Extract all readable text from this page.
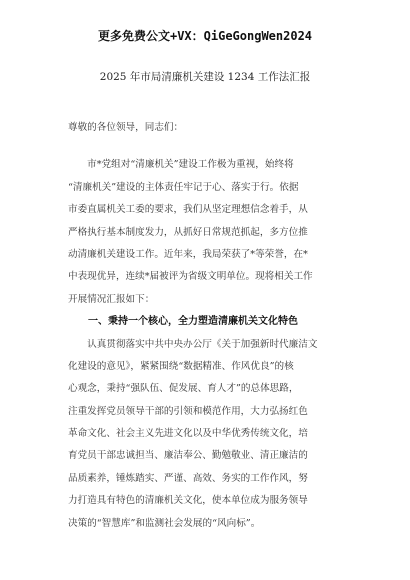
更多免费公文+VX：QiGeGongWen2024
2025 年市局清廉机关建设 1234 工作法汇报
尊敬的各位领导，同志们：
　　市*党组对“清廉机关”建设工作极为重视，始终将
“清廉机关”建设的主体责任牢记于心、落实于行。依据
市委直属机关工委的要求，我们从坚定理想信念着手，从
严格执行基本制度发力，从抓好日常规范抓起，多方位推
动清廉机关建设工作。近年来，我局荣获了*等荣誉，在*
中表现优异，连续*届被评为省级文明单位。现将相关工作
开展情况汇报如下：
　　一、秉持一个核心，全力塑造清廉机关文化特色
　　认真贯彻落实中共中央办公厅《关于加强新时代廉洁文
化建设的意见》，紧紧围绕“数据精准、作风优良”的核
心观念，秉持“强队伍、促发展、育人才”的总体思路，
注重发挥党员领导干部的引领和模范作用，大力弘扬红色
革命文化、社会主义先进文化以及中华优秀传统文化，培
育党员干部忠诚担当、廉洁奉公、勤勉敬业、清正廉洁的
品质素养，锤炼踏实、严谨、高效、务实的工作作风，努
力打造具有特色的清廉机关文化，使本单位成为服务领导
决策的“智慧库”和监测社会发展的“风向标”。
